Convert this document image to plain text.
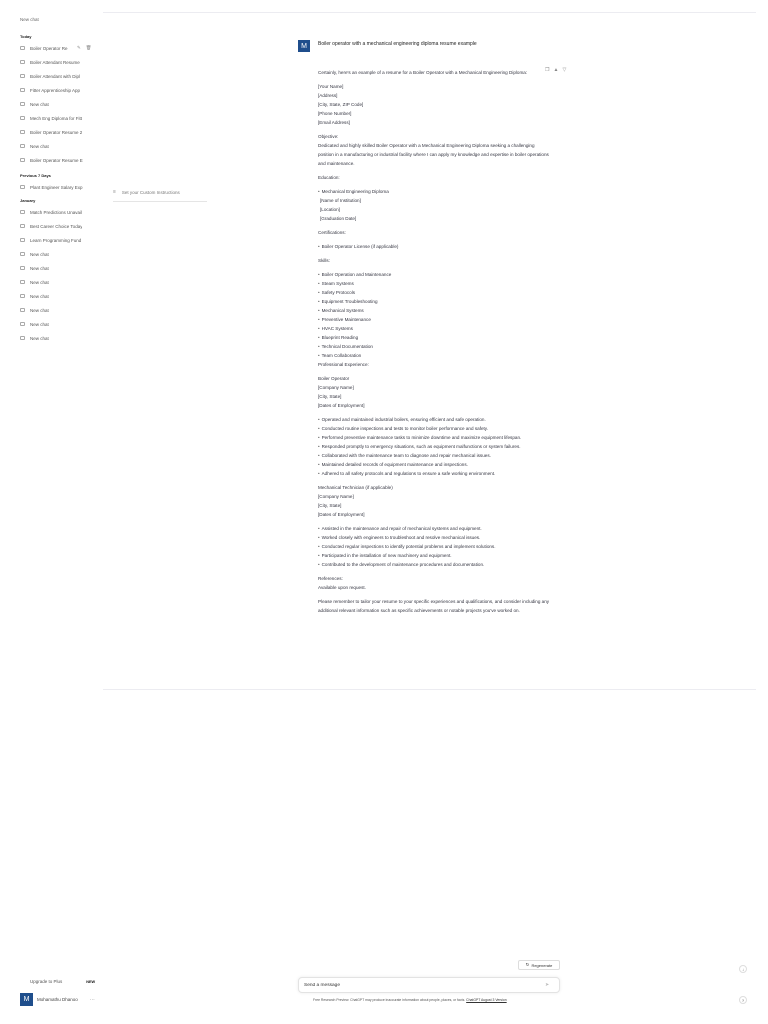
New chat
Today
Boiler Operator Re	✎ 🗑︎
Boiler Attendant Resume
Boiler Attendant with Dipl
Fitter Apprenticeship App
New chat
Mech Eng Diploma for Fitt
Boiler Operator Resume 2
New chat
Boiler Operator Resume E
Previous 7 Days
Plant Engineer Salary Exp
January
Match Predictions Unavail
Best Career Choice Today
Learn Programming Fund
New chat
New chat
New chat
New chat
New chat
New chat
New chat
Upgrade to Plus	NEW
M	Mohamathu Dhanoo ···
≡ Set your Custom Instructions
M	Boiler operator with a mechanical engineering diploma resume example
❐ ▲ ▽

Certainly, here's an example of a resume for a Boiler Operator with a Mechanical Engineering Diploma:

[Your Name]
[Address]
[City, State, ZIP Code]
[Phone Number]
[Email Address]

Objective:

Dedicated and highly skilled Boiler Operator with a Mechanical Engineering Diploma seeking a challenging position in a manufacturing or industrial facility where I can apply my knowledge and expertise in boiler operations and maintenance.

Education:

• Mechanical Engineering Diploma

[Name of Institution]
[Location]
[Graduation Date]

Certifications:

• Boiler Operator License (if applicable)

Skills:

• Boiler Operation and Maintenance
• Steam Systems
• Safety Protocols
• Equipment Troubleshooting
• Mechanical Systems
• Preventive Maintenance
• HVAC Systems
• Blueprint Reading
• Technical Documentation
• Team Collaboration

Professional Experience:

Boiler Operator
[Company Name]
[City, State]
[Dates of Employment]

• Operated and maintained industrial boilers, ensuring efficient and safe operation.
• Conducted routine inspections and tests to monitor boiler performance and safety.
• Performed preventive maintenance tasks to minimize downtime and maximize equipment lifespan.
• Responded promptly to emergency situations, such as equipment malfunctions or system failures.
• Collaborated with the maintenance team to diagnose and repair mechanical issues.
• Maintained detailed records of equipment maintenance and inspections.
• Adhered to all safety protocols and regulations to ensure a safe working environment.

Mechanical Technician (if applicable)
[Company Name]
[City, State]
[Dates of Employment]

• Assisted in the maintenance and repair of mechanical systems and equipment.
• Worked closely with engineers to troubleshoot and resolve mechanical issues.
• Conducted regular inspections to identify potential problems and implement solutions.
• Participated in the installation of new machinery and equipment.
• Contributed to the development of maintenance procedures and documentation.

References:
Available upon request.

Please remember to tailor your resume to your specific experiences and qualifications, and consider including any additional relevant information such as specific achievements or notable projects you've worked on.

↻ Regenerate
Send a message
➤
Free Research Preview. ChatGPT may produce inaccurate information about people, places, or facts. ChatGPT August 3 Version
↓
?
